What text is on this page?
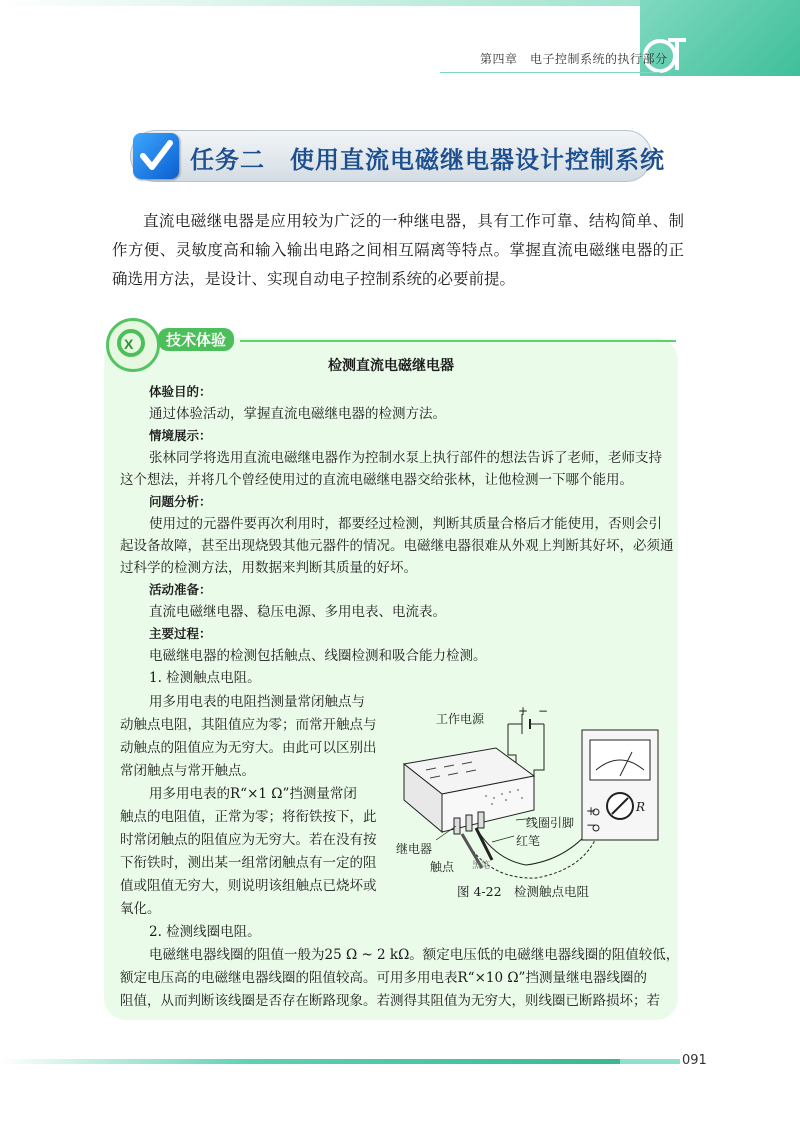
第四章　电子控制系统的执行部分
任务二　使用直流电磁继电器设计控制系统
直流电磁继电器是应用较为广泛的一种继电器，具有工作可靠、结构简单、制作方便、灵敏度高和输入输出电路之间相互隔离等特点。掌握直流电磁继电器的正确选用方法，是设计、实现自动电子控制系统的必要前提。
X	技术体验
检测直流电磁继电器
体验目的：
通过体验活动，掌握直流电磁继电器的检测方法。
情境展示：
张林同学将选用直流电磁继电器作为控制水泵上执行部件的想法告诉了老师，老师支持
这个想法，并将几个曾经使用过的直流电磁继电器交给张林，让他检测一下哪个能用。
问题分析：
使用过的元器件要再次利用时，都要经过检测，判断其质量合格后才能使用，否则会引
起设备故障，甚至出现烧毁其他元器件的情况。电磁继电器很难从外观上判断其好坏，必须通
过科学的检测方法，用数据来判断其质量的好坏。
活动准备：
直流电磁继电器、稳压电源、多用电表、电流表。
主要过程：
电磁继电器的检测包括触点、线圈检测和吸合能力检测。
1. 检测触点电阻。
用多用电表的电阻挡测量常闭触点与
动触点电阻，其阻值应为零；而常开触点与
动触点的阻值应为无穷大。由此可以区别出
常闭触点与常开触点。
用多用电表的R“×1 Ω”挡测量常闭
触点的电阻值，正常为零；将衔铁按下，此
时常闭触点的阻值应为无穷大。若在没有按
下衔铁时，测出某一组常闭触点有一定的阻
值或阻值无穷大，则说明该组触点已烧坏或
氧化。
2. 检测线圈电阻。
电磁继电器线圈的阻值一般为25 Ω ~ 2 kΩ。额定电压低的电磁继电器线圈的阻值较低，
额定电压高的电磁继电器线圈的阻值较高。可用多用电表R“×10 Ω”挡测量继电器线圈的
阻值，从而判断该线圈是否存在断路现象。若测得其阻值为无穷大，则线圈已断路损坏；若
工作电源
+ −
线圈引脚
红笔
继电器
触点 黑笔
R
+
−
图 4-22　检测触点电阻
091
